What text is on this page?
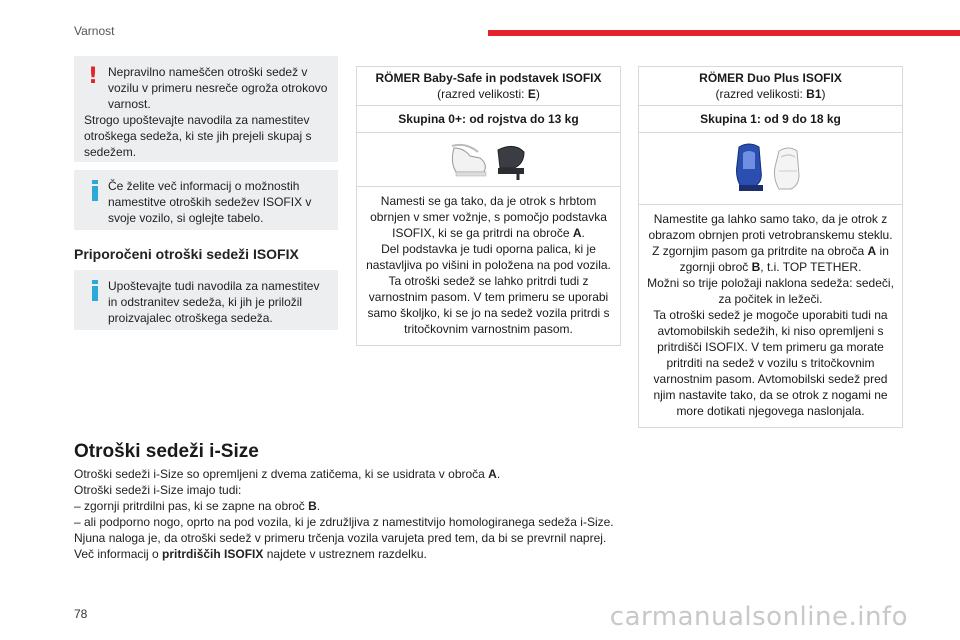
Varnost
! Nepravilno nameščen otroški sedež v vozilu v primeru nesreče ogroža otrokovo varnost.
Strogo upoštevajte navodila za namestitev otroškega sedeža, ki ste jih prejeli skupaj s sedežem.
Če želite več informacij o možnostih namestitve otroških sedežev ISOFIX v svoje vozilo, si oglejte tabelo.
Priporočeni otroški sedeži ISOFIX
Upoštevajte tudi navodila za namestitev in odstranitev sedeža, ki jih je priložil proizvajalec otroškega sedeža.
RÖMER Baby-Safe in podstavek ISOFIX
(razred velikosti: E)
Skupina 0+: od rojstva do 13 kg
Namesti se ga tako, da je otrok s hrbtom obrnjen v smer vožnje, s pomočjo podstavka ISOFIX, ki se ga pritrdi na obroče A.
Del podstavka je tudi oporna palica, ki je nastavljiva po višini in položena na pod vozila.
Ta otroški sedež se lahko pritrdi tudi z varnostnim pasom. V tem primeru se uporabi samo školjko, ki se jo na sedež vozila pritrdi s tritočkovnim varnostnim pasom.
RÖMER Duo Plus ISOFIX
(razred velikosti: B1)
Skupina 1: od 9 do 18 kg
Namestite ga lahko samo tako, da je otrok z obrazom obrnjen proti vetrobranskemu steklu. Z zgornjim pasom ga pritrdite na obroča A in zgornji obroč B, t.i. TOP TETHER.
Možni so trije položaji naklona sedeža: sedeči, za počitek in ležeči.
Ta otroški sedež je mogoče uporabiti tudi na avtomobilskih sedežih, ki niso opremljeni s pritrdišči ISOFIX. V tem primeru ga morate pritrditi na sedež v vozilu s tritočkovnim varnostnim pasom. Avtomobilski sedež pred njim nastavite tako, da se otrok z nogami ne more dotikati njegovega naslonjala.
Otroški sedeži i-Size

Otroški sedeži i-Size so opremljeni z dvema zatičema, ki se usidrata v obroča A.

Otroški sedeži i-Size imajo tudi:

– zgornji pritrdilni pas, ki se zapne na obroč B.

– ali podporno nogo, oprto na pod vozila, ki je združljiva z namestitvijo homologiranega sedeža i-Size.

Njuna naloga je, da otroški sedež v primeru trčenja vozila varujeta pred tem, da bi se prevrnil naprej.

Več informacij o pritrdiščih ISOFIX najdete v ustreznem razdelku.

78	carmanualsonline.info
